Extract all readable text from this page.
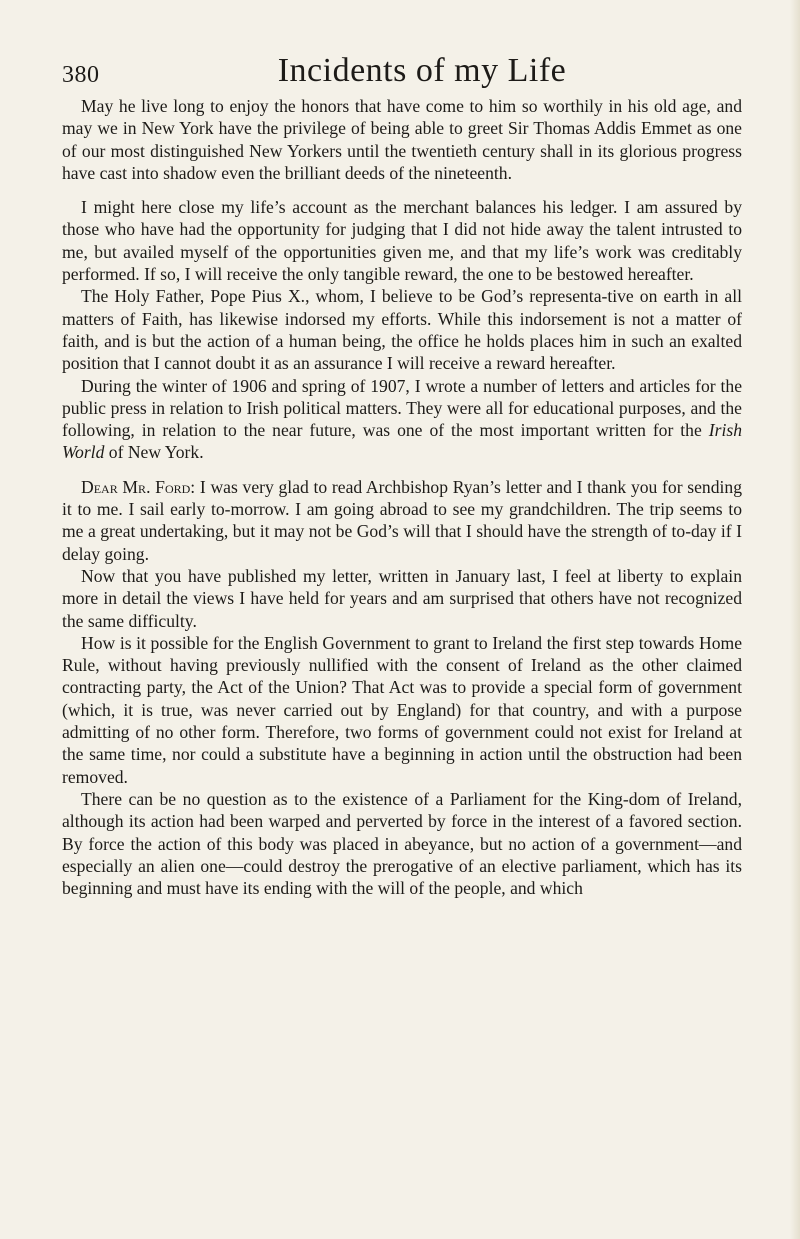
380	Incidents of my Life

May he live long to enjoy the honors that have come to him so worthily in his old age, and may we in New York have the privilege of being able to greet Sir Thomas Addis Emmet as one of our most distinguished New Yorkers until the twentieth century shall in its glorious progress have cast into shadow even the brilliant deeds of the nineteenth.

I might here close my life’s account as the merchant balances his ledger. I am assured by those who have had the opportunity for judging that I did not hide away the talent intrusted to me, but availed myself of the opportunities given me, and that my life’s work was creditably performed. If so, I will receive the only tangible reward, the one to be bestowed hereafter.

The Holy Father, Pope Pius X., whom, I believe to be God’s representa-tive on earth in all matters of Faith, has likewise indorsed my efforts. While this indorsement is not a matter of faith, and is but the action of a human being, the office he holds places him in such an exalted position that I cannot doubt it as an assurance I will receive a reward hereafter.

During the winter of 1906 and spring of 1907, I wrote a number of letters and articles for the public press in relation to Irish political matters. They were all for educational purposes, and the following, in relation to the near future, was one of the most important written for the Irish World of New York.

Dear Mr. Ford: I was very glad to read Archbishop Ryan’s letter and I thank you for sending it to me. I sail early to-morrow. I am going abroad to see my grandchildren. The trip seems to me a great undertaking, but it may not be God’s will that I should have the strength of to-day if I delay going.

Now that you have published my letter, written in January last, I feel at liberty to explain more in detail the views I have held for years and am surprised that others have not recognized the same difficulty.

How is it possible for the English Government to grant to Ireland the first step towards Home Rule, without having previously nullified with the consent of Ireland as the other claimed contracting party, the Act of the Union? That Act was to provide a special form of government (which, it is true, was never carried out by England) for that country, and with a purpose admitting of no other form. Therefore, two forms of government could not exist for Ireland at the same time, nor could a substitute have a beginning in action until the obstruction had been removed.

There can be no question as to the existence of a Parliament for the King-dom of Ireland, although its action had been warped and perverted by force in the interest of a favored section. By force the action of this body was placed in abeyance, but no action of a government—and especially an alien one—could destroy the prerogative of an elective parliament, which has its beginning and must have its ending with the will of the people, and which
